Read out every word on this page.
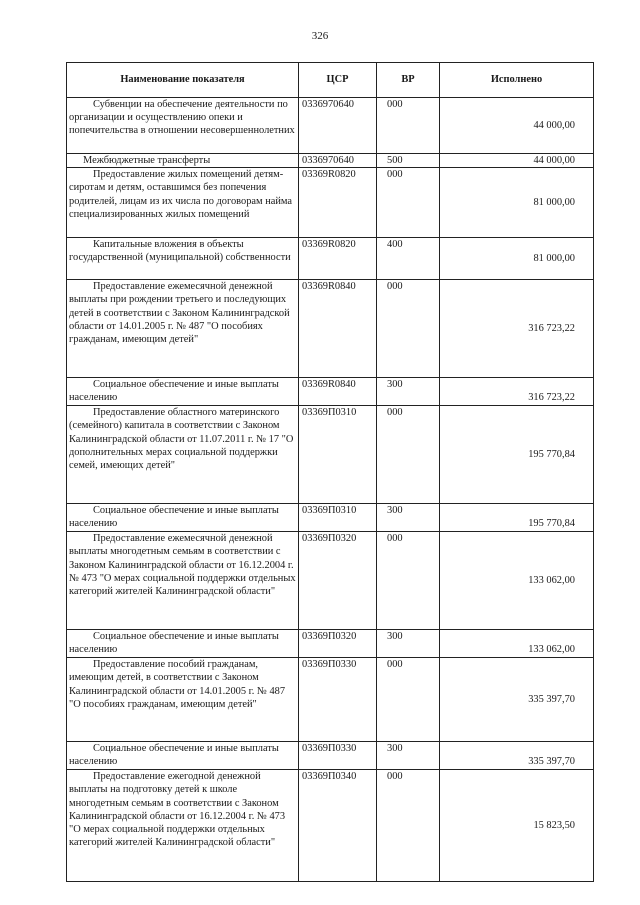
326
Наименование показателя	ЦСР	ВР	Исполнено
Субвенции на обеспечение деятельности по организации и осуществлению опеки и попечительства в отношении несовершеннолетних	0336970640	000	44 000,00
Межбюджетные трансферты	0336970640	500	44 000,00
Предоставление жилых помещений детям-сиротам и детям, оставшимся без попечения родителей, лицам из их числа по договорам найма специализированных жилых помещений	03369R0820	000	81 000,00
Капитальные вложения в объекты государственной (муниципальной) собственности	03369R0820	400	81 000,00
Предоставление ежемесячной денежной выплаты при рождении третьего и последующих детей в соответствии с Законом Калининградской области от 14.01.2005 г. № 487 "О пособиях гражданам, имеющим детей"	03369R0840	000	316 723,22
Социальное обеспечение и иные выплаты населению	03369R0840	300	316 723,22
Предоставление областного материнского (семейного) капитала в соответствии с Законом Калининградской области от 11.07.2011 г. № 17 "О дополнительных мерах социальной поддержки семей, имеющих детей"	03369П0310	000	195 770,84
Социальное обеспечение и иные выплаты населению	03369П0310	300	195 770,84
Предоставление ежемесячной денежной выплаты многодетным семьям в соответствии с Законом Калининградской области от 16.12.2004 г. № 473 "О мерах социальной поддержки отдельных категорий жителей Калининградской области"	03369П0320	000	133 062,00
Социальное обеспечение и иные выплаты населению	03369П0320	300	133 062,00
Предоставление пособий гражданам, имеющим детей, в соответствии с Законом Калининградской области от 14.01.2005 г. № 487 "О пособиях гражданам, имеющим детей"	03369П0330	000	335 397,70
Социальное обеспечение и иные выплаты населению	03369П0330	300	335 397,70
Предоставление ежегодной денежной выплаты на подготовку детей к школе многодетным семьям в соответствии с Законом Калининградской области от 16.12.2004 г. № 473 "О мерах социальной поддержки отдельных категорий жителей Калининградской области"	03369П0340	000	15 823,50
